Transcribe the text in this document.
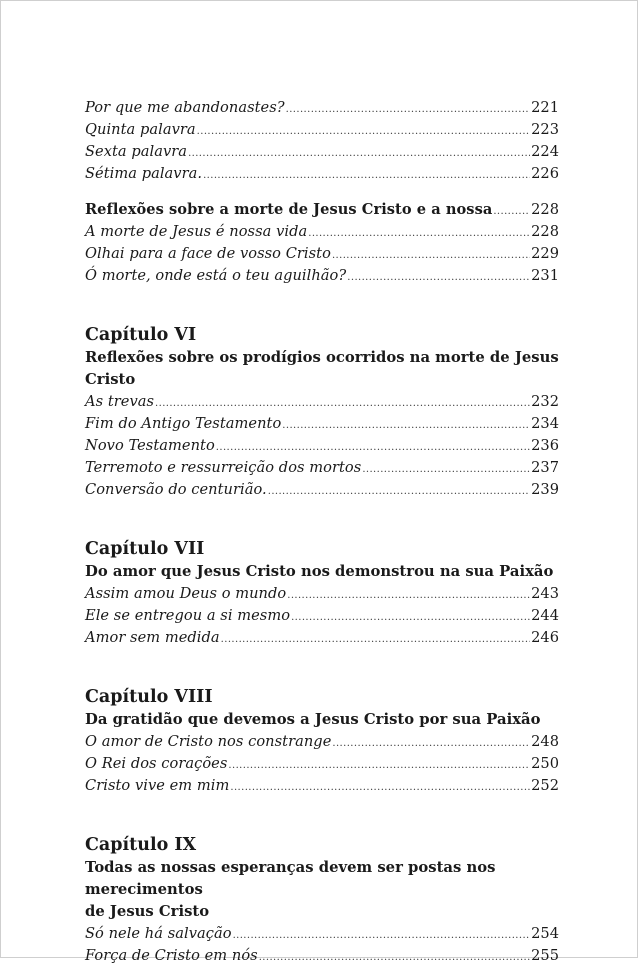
Por que me abandonastes? .....	221
Quinta palavra .....	223
Sexta palavra .....	224
Sétima palavra. .....	226
Reflexões sobre a morte de Jesus Cristo e a nossa .....	228
A morte de Jesus é nossa vida .....	228
Olhai para a face de vosso Cristo .....	229
Ó morte, onde está o teu aguilhão? .....	231
Capítulo VI
Reflexões sobre os prodígios ocorridos na morte de Jesus Cristo
As trevas .....	232
Fim do Antigo Testamento .....	234
Novo Testamento .....	236
Terremoto e ressurreição dos mortos .....	237
Conversão do centurião. .....	239
Capítulo VII
Do amor que Jesus Cristo nos demonstrou na sua Paixão
Assim amou Deus o mundo .....	243
Ele se entregou a si mesmo .....	244
Amor sem medida .....	246
Capítulo VIII
Da gratidão que devemos a Jesus Cristo por sua Paixão
O amor de Cristo nos constrange .....	248
O Rei dos corações .....	250
Cristo vive em mim .....	252
Capítulo IX
Todas as nossas esperanças devem ser postas nos merecimentos
de Jesus Cristo
Só nele há salvação .....	254
Força de Cristo em nós .....	255
